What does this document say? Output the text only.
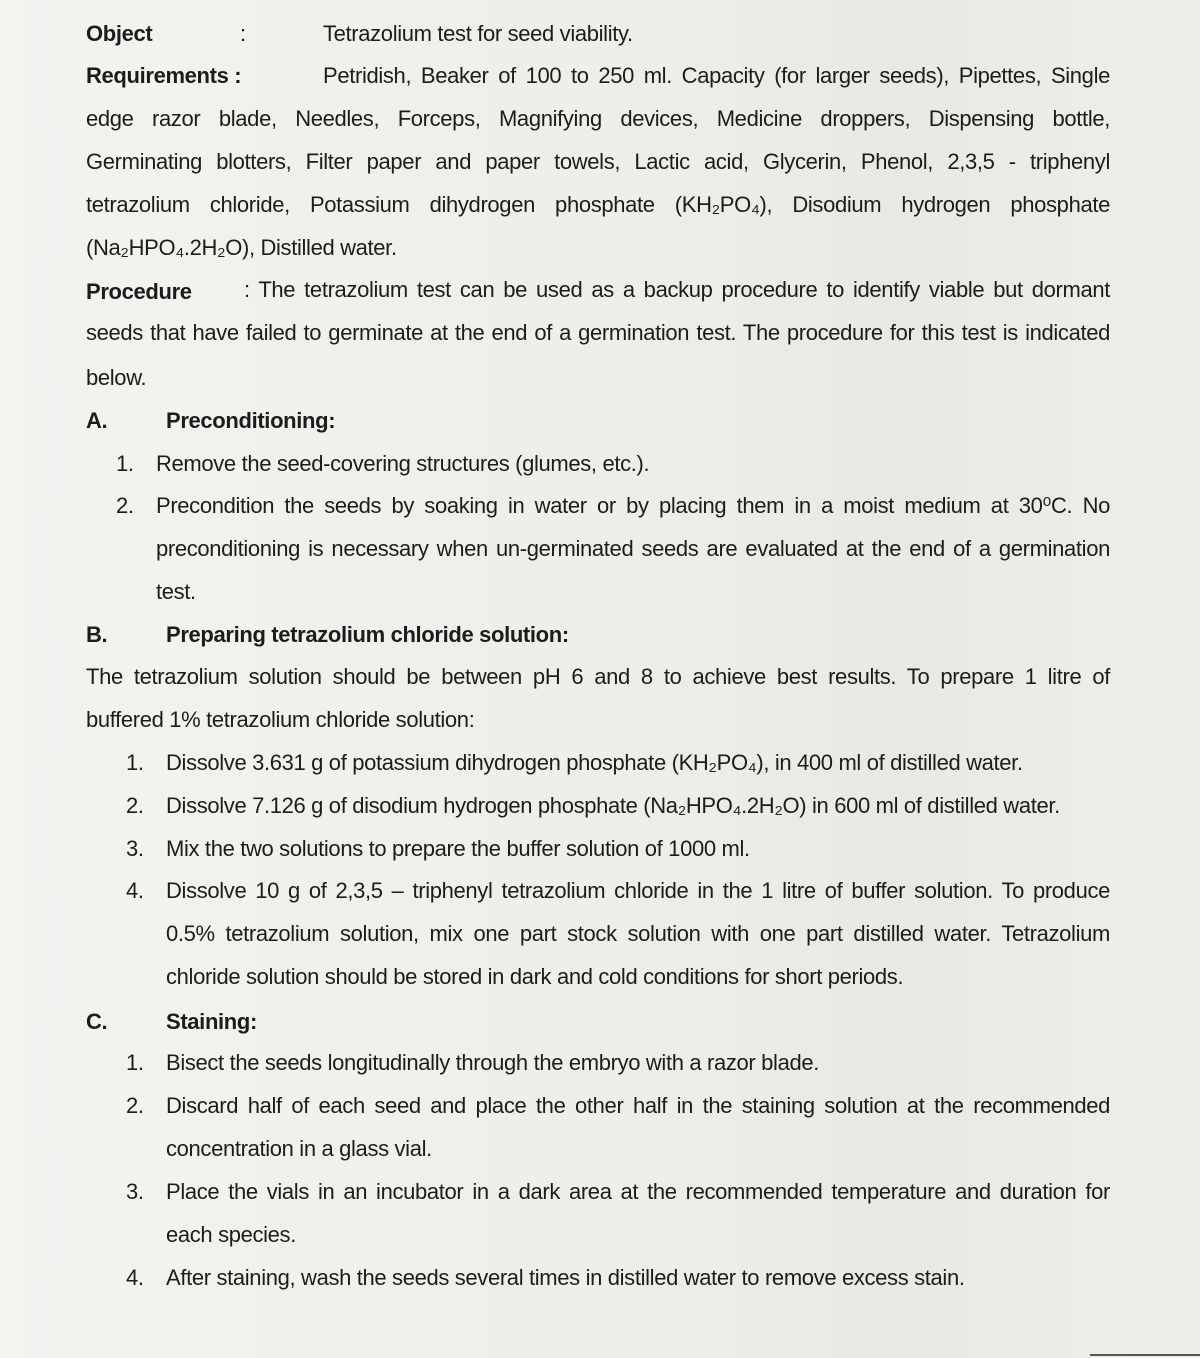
Object	:	Tetrazolium test for seed viability.
Requirements :	Petridish, Beaker of 100 to 250 ml. Capacity (for larger seeds), Pipettes, Single
edge razor blade, Needles, Forceps, Magnifying devices, Medicine droppers, Dispensing bottle,
Germinating blotters, Filter paper and paper towels, Lactic acid, Glycerin, Phenol, 2,3,5 - triphenyl
tetrazolium chloride, Potassium dihydrogen phosphate (KH₂PO₄), Disodium hydrogen phosphate
(Na₂HPO₄.2H₂O), Distilled water.
Procedure : The tetrazolium test can be used as a backup procedure to identify viable but dormant
seeds that have failed to germinate at the end of a germination test. The procedure for this test is indicated
below.
A.	Preconditioning:
1. Remove the seed-covering structures (glumes, etc.).
2. Precondition the seeds by soaking in water or by placing them in a moist medium at 30⁰C. No
preconditioning is necessary when un-germinated seeds are evaluated at the end of a germination
test.
B.	Preparing tetrazolium chloride solution:
The tetrazolium solution should be between pH 6 and 8 to achieve best results. To prepare 1 litre of
buffered 1% tetrazolium chloride solution:
1. Dissolve 3.631 g of potassium dihydrogen phosphate (KH₂PO₄), in 400 ml of distilled water.
2. Dissolve 7.126 g of disodium hydrogen phosphate (Na₂HPO₄.2H₂O) in 600 ml of distilled water.
3. Mix the two solutions to prepare the buffer solution of 1000 ml.
4. Dissolve 10 g of 2,3,5 – triphenyl tetrazolium chloride in the 1 litre of buffer solution. To produce
0.5% tetrazolium solution, mix one part stock solution with one part distilled water. Tetrazolium
chloride solution should be stored in dark and cold conditions for short periods.
C.	Staining:
1. Bisect the seeds longitudinally through the embryo with a razor blade.
2. Discard half of each seed and place the other half in the staining solution at the recommended
concentration in a glass vial.
3. Place the vials in an incubator in a dark area at the recommended temperature and duration for
each species.
4. After staining, wash the seeds several times in distilled water to remove excess stain.
